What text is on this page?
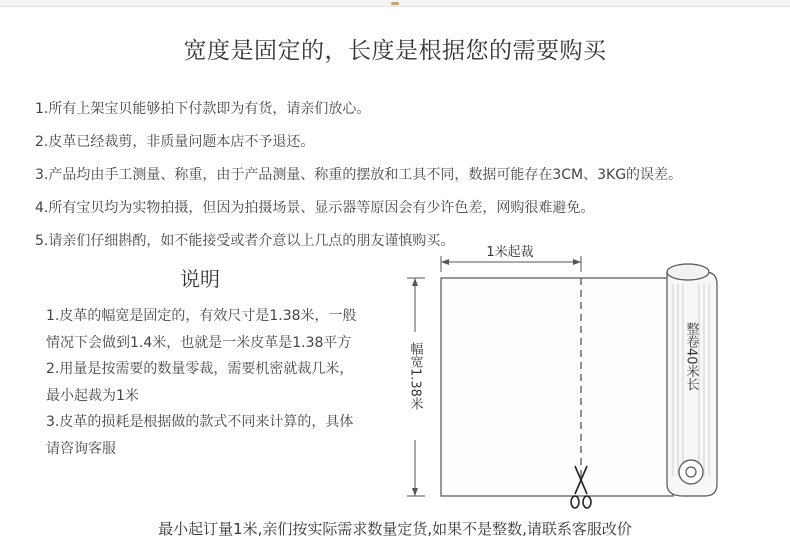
宽度是固定的，长度是根据您的需要购买
1.所有上架宝贝能够拍下付款即为有货，请亲们放心。
2.皮革已经裁剪，非质量问题本店不予退还。
3.产品均由手工测量、称重，由于产品测量、称重的摆放和工具不同，数据可能存在3CM、3KG的误差。
4.所有宝贝均为实物拍摄，但因为拍摄场景、显示器等原因会有少许色差，网购很难避免。
5.请亲们仔细斟酌，如不能接受或者介意以上几点的朋友谨慎购买。
说明
1.皮革的幅宽是固定的，有效尺寸是1.38米，一般
情况下会做到1.4米，也就是一米皮革是1.38平方
2.用量是按需要的数量零裁，需要机密就裁几米，
最小起裁为1米
3.皮革的损耗是根据做的款式不同来计算的，具体
请咨询客服
1米起裁
幅宽1.38米	整卷40米长
最小起订量1米,亲们按实际需求数量定货,如果不是整数,请联系客服改价
